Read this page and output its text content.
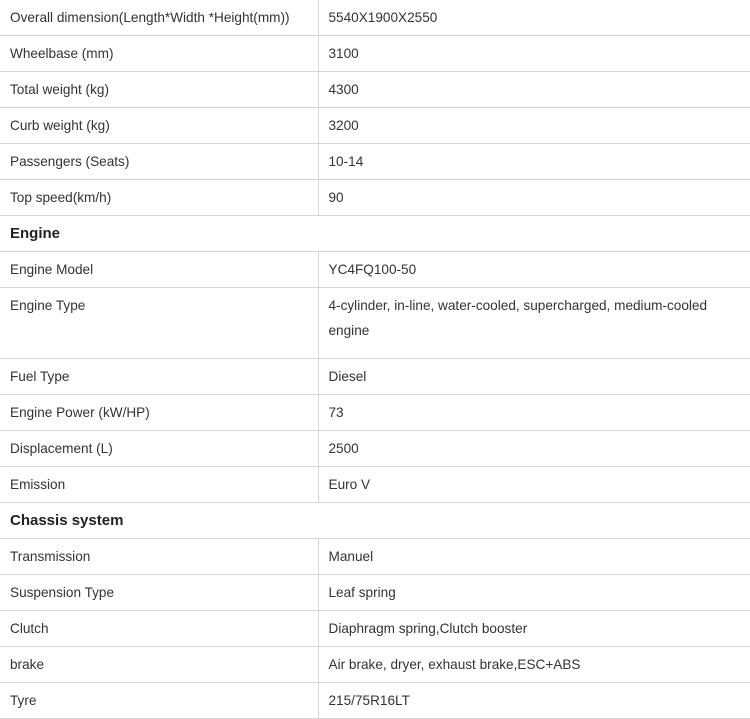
Overall dimension(Length*Width *Height(mm))	5540X1900X2550
Wheelbase (mm)	3100
Total weight (kg)	4300
Curb weight (kg)	3200
Passengers (Seats)	10-14
Top speed(km/h)	90
Engine	
Engine Model	YC4FQ100-50
Engine Type	4-cylinder, in-line, water-cooled, supercharged, medium-cooled engine
Fuel Type	Diesel
Engine Power (kW/HP)	73
Displacement (L)	2500
Emission	Euro V
Chassis system	
Transmission	Manuel
Suspension Type	Leaf spring
Clutch	Diaphragm spring,Clutch booster
brake	Air brake, dryer, exhaust brake,ESC+ABS
Tyre	215/75R16LT
